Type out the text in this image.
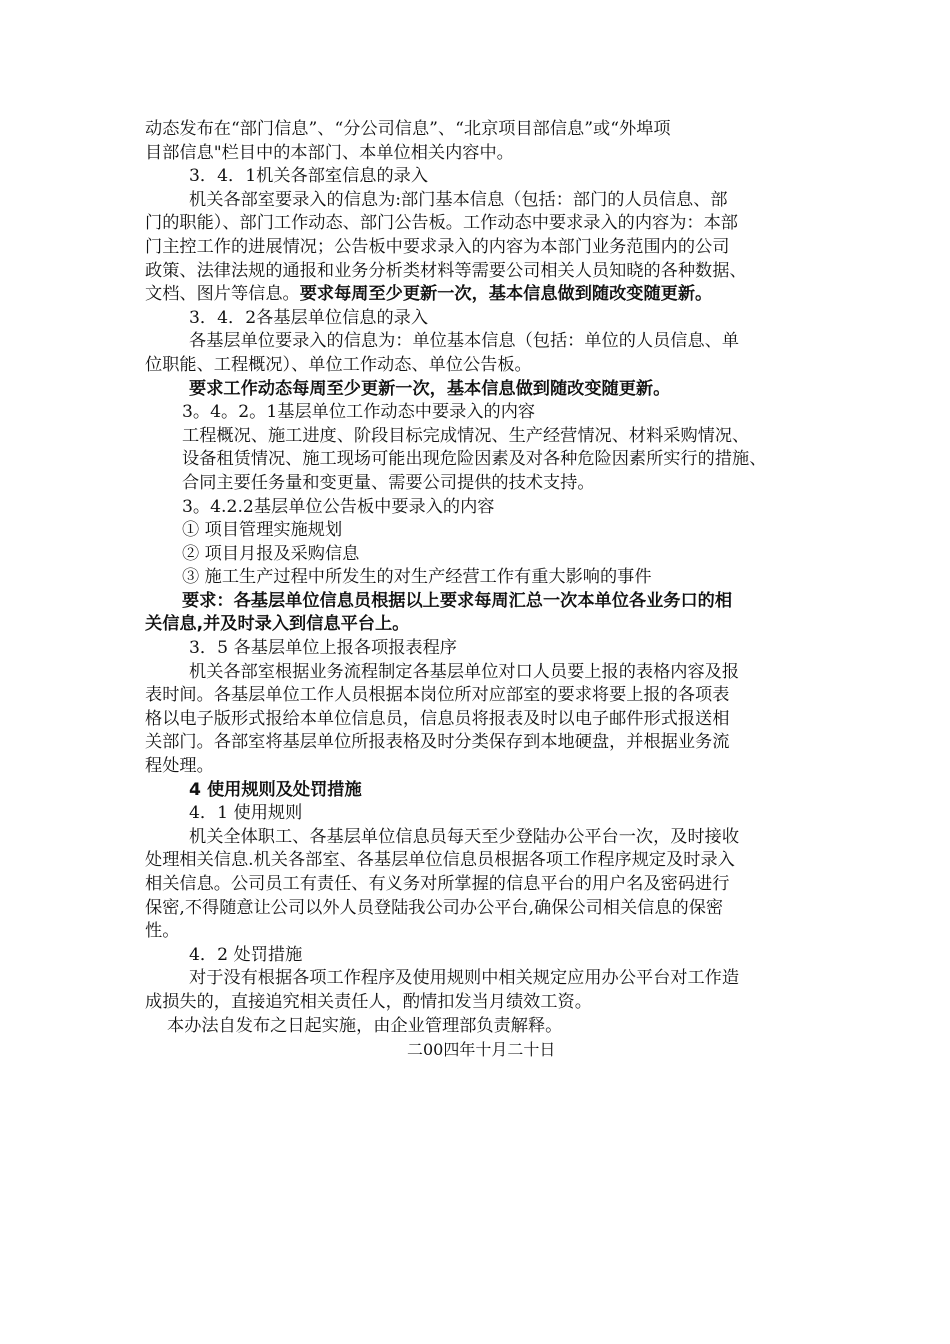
动态发布在“部门信息”、“分公司信息”、“北京项目部信息”或“外埠项

目部信息"栏目中的本部门、本单位相关内容中。

3．4．1机关各部室信息的录入

机关各部室要录入的信息为:部门基本信息（包括：部门的人员信息、部

门的职能）、部门工作动态、部门公告板。工作动态中要求录入的内容为：本部

门主控工作的进展情况；公告板中要求录入的内容为本部门业务范围内的公司

政策、法律法规的通报和业务分析类材料等需要公司相关人员知晓的各种数据、

文档、图片等信息。要求每周至少更新一次，基本信息做到随改变随更新。

3．4．2各基层单位信息的录入

各基层单位要录入的信息为：单位基本信息（包括：单位的人员信息、单

位职能、工程概况）、单位工作动态、单位公告板。

要求工作动态每周至少更新一次，基本信息做到随改变随更新。

3。4。2。1基层单位工作动态中要录入的内容

工程概况、施工进度、阶段目标完成情况、生产经营情况、材料采购情况、

设备租赁情况、施工现场可能出现危险因素及对各种危险因素所实行的措施、

合同主要任务量和变更量、需要公司提供的技术支持。

3。4.2.2基层单位公告板中要录入的内容

① 项目管理实施规划

② 项目月报及采购信息

③ 施工生产过程中所发生的对生产经营工作有重大影响的事件

要求：各基层单位信息员根据以上要求每周汇总一次本单位各业务口的相

关信息,并及时录入到信息平台上。

3．5 各基层单位上报各项报表程序

机关各部室根据业务流程制定各基层单位对口人员要上报的表格内容及报

表时间。各基层单位工作人员根据本岗位所对应部室的要求将要上报的各项表

格以电子版形式报给本单位信息员，信息员将报表及时以电子邮件形式报送相

关部门。各部室将基层单位所报表格及时分类保存到本地硬盘，并根据业务流

程处理。

4 使用规则及处罚措施

4．1 使用规则

机关全体职工、各基层单位信息员每天至少登陆办公平台一次，及时接收

处理相关信息.机关各部室、各基层单位信息员根据各项工作程序规定及时录入

相关信息。公司员工有责任、有义务对所掌握的信息平台的用户名及密码进行

保密,不得随意让公司以外人员登陆我公司办公平台,确保公司相关信息的保密

性。

4．2 处罚措施

对于没有根据各项工作程序及使用规则中相关规定应用办公平台对工作造

成损失的，直接追究相关责任人，酌情扣发当月绩效工资。

本办法自发布之日起实施，由企业管理部负责解释。

二00四年十月二十日
